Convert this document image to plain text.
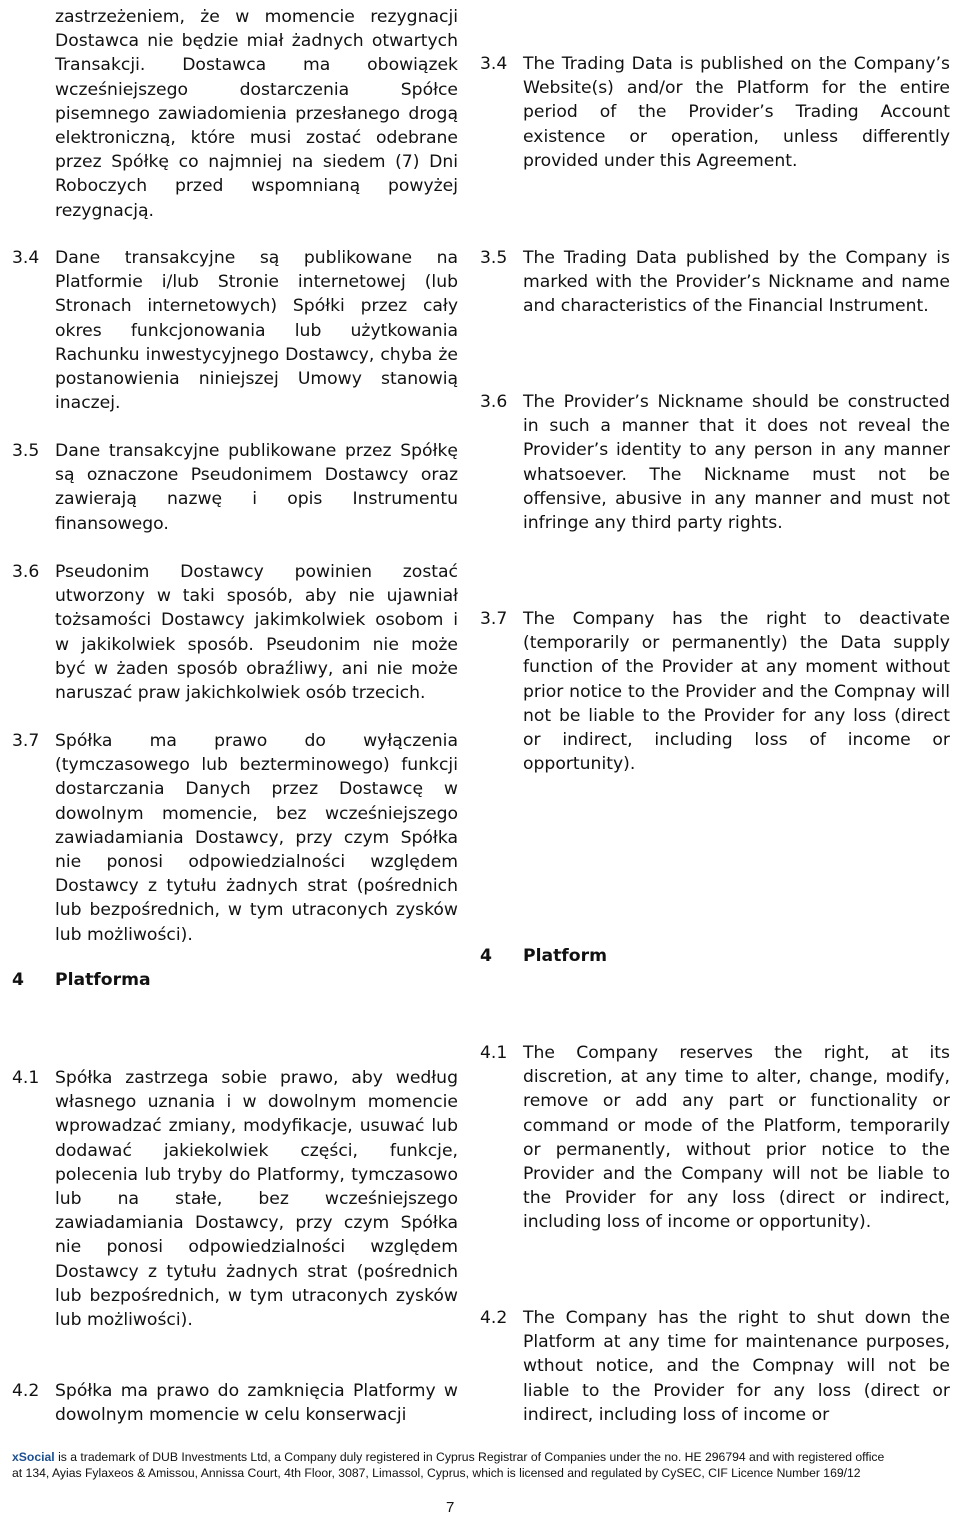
zastrzeżeniem, że w momencie rezygnacji Dostawca nie będzie miał żadnych otwartych Transakcji. Dostawca ma obowiązek wcześniejszego dostarczenia Spółce pisemnego zawiadomienia przesłanego drogą elektroniczną, które musi zostać odebrane przez Spółkę co najmniej na siedem (7) Dni Roboczych przed wspomnianą powyżej rezygnacją.
3.4 Dane transakcyjne są publikowane na Platformie i/lub Stronie internetowej (lub Stronach internetowych) Spółki przez cały okres funkcjonowania lub użytkowania Rachunku inwestycyjnego Dostawcy, chyba że postanowienia niniejszej Umowy stanowią inaczej.
3.5 Dane transakcyjne publikowane przez Spółkę są oznaczone Pseudonimem Dostawcy oraz zawierają nazwę i opis Instrumentu finansowego.
3.6 Pseudonim Dostawcy powinien zostać utworzony w taki sposób, aby nie ujawniał tożsamości Dostawcy jakimkolwiek osobom i w jakikolwiek sposób. Pseudonim nie może być w żaden sposób obraźliwy, ani nie może naruszać praw jakichkolwiek osób trzecich.
3.7 Spółka ma prawo do wyłączenia (tymczasowego lub bezterminowego) funkcji dostarczania Danych przez Dostawcę w dowolnym momencie, bez wcześniejszego zawiadamiania Dostawcy, przy czym Spółka nie ponosi odpowiedzialności względem Dostawcy z tytułu żadnych strat (pośrednich lub bezpośrednich, w tym utraconych zysków lub możliwości).
4 Platforma
4.1 Spółka zastrzega sobie prawo, aby według własnego uznania i w dowolnym momencie wprowadzać zmiany, modyfikacje, usuwać lub dodawać jakiekolwiek części, funkcje, polecenia lub tryby do Platformy, tymczasowo lub na stałe, bez wcześniejszego zawiadamiania Dostawcy, przy czym Spółka nie ponosi odpowiedzialności względem Dostawcy z tytułu żadnych strat (pośrednich lub bezpośrednich, w tym utraconych zysków lub możliwości).
4.2 Spółka ma prawo do zamknięcia Platformy w dowolnym momencie w celu konserwacji
3.4 The Trading Data is published on the Company’s Website(s) and/or the Platform for the entire period of the Provider’s Trading Account existence or operation, unless differently provided under this Agreement.
3.5 The Trading Data published by the Company is marked with the Provider’s Nickname and name and characteristics of the Financial Instrument.
3.6 The Provider’s Nickname should be constructed in such a manner that it does not reveal the Provider’s identity to any person in any manner whatsoever. The Nickname must not be offensive, abusive in any manner and must not infringe any third party rights.
3.7 The Company has the right to deactivate (temporarily or permanently) the Data supply function of the Provider at any moment without prior notice to the Provider and the Compnay will not be liable to the Provider for any loss (direct or indirect, including loss of income or opportunity).
4 Platform
4.1 The Company reserves the right, at its discretion, at any time to alter, change, modify, remove or add any part or functionality or command or mode of the Platform, temporarily or permanently, without prior notice to the Provider and the Company will not be liable to the Provider for any loss (direct or indirect, including loss of income or opportunity).
4.2 The Company has the right to shut down the Platform at any time for maintenance purposes, wthout notice, and the Compnay will not be liable to the Provider for any loss (direct or indirect, including loss of income or
xSocial is a trademark of DUB Investments Ltd, a Company duly registered in Cyprus Registrar of Companies under the no. HE 296794 and with registered office at 134, Ayias Fylaxeos & Amissou, Annissa Court, 4th Floor, 3087, Limassol, Cyprus, which is licensed and regulated by CySEC, CIF Licence Number 169/12
7
